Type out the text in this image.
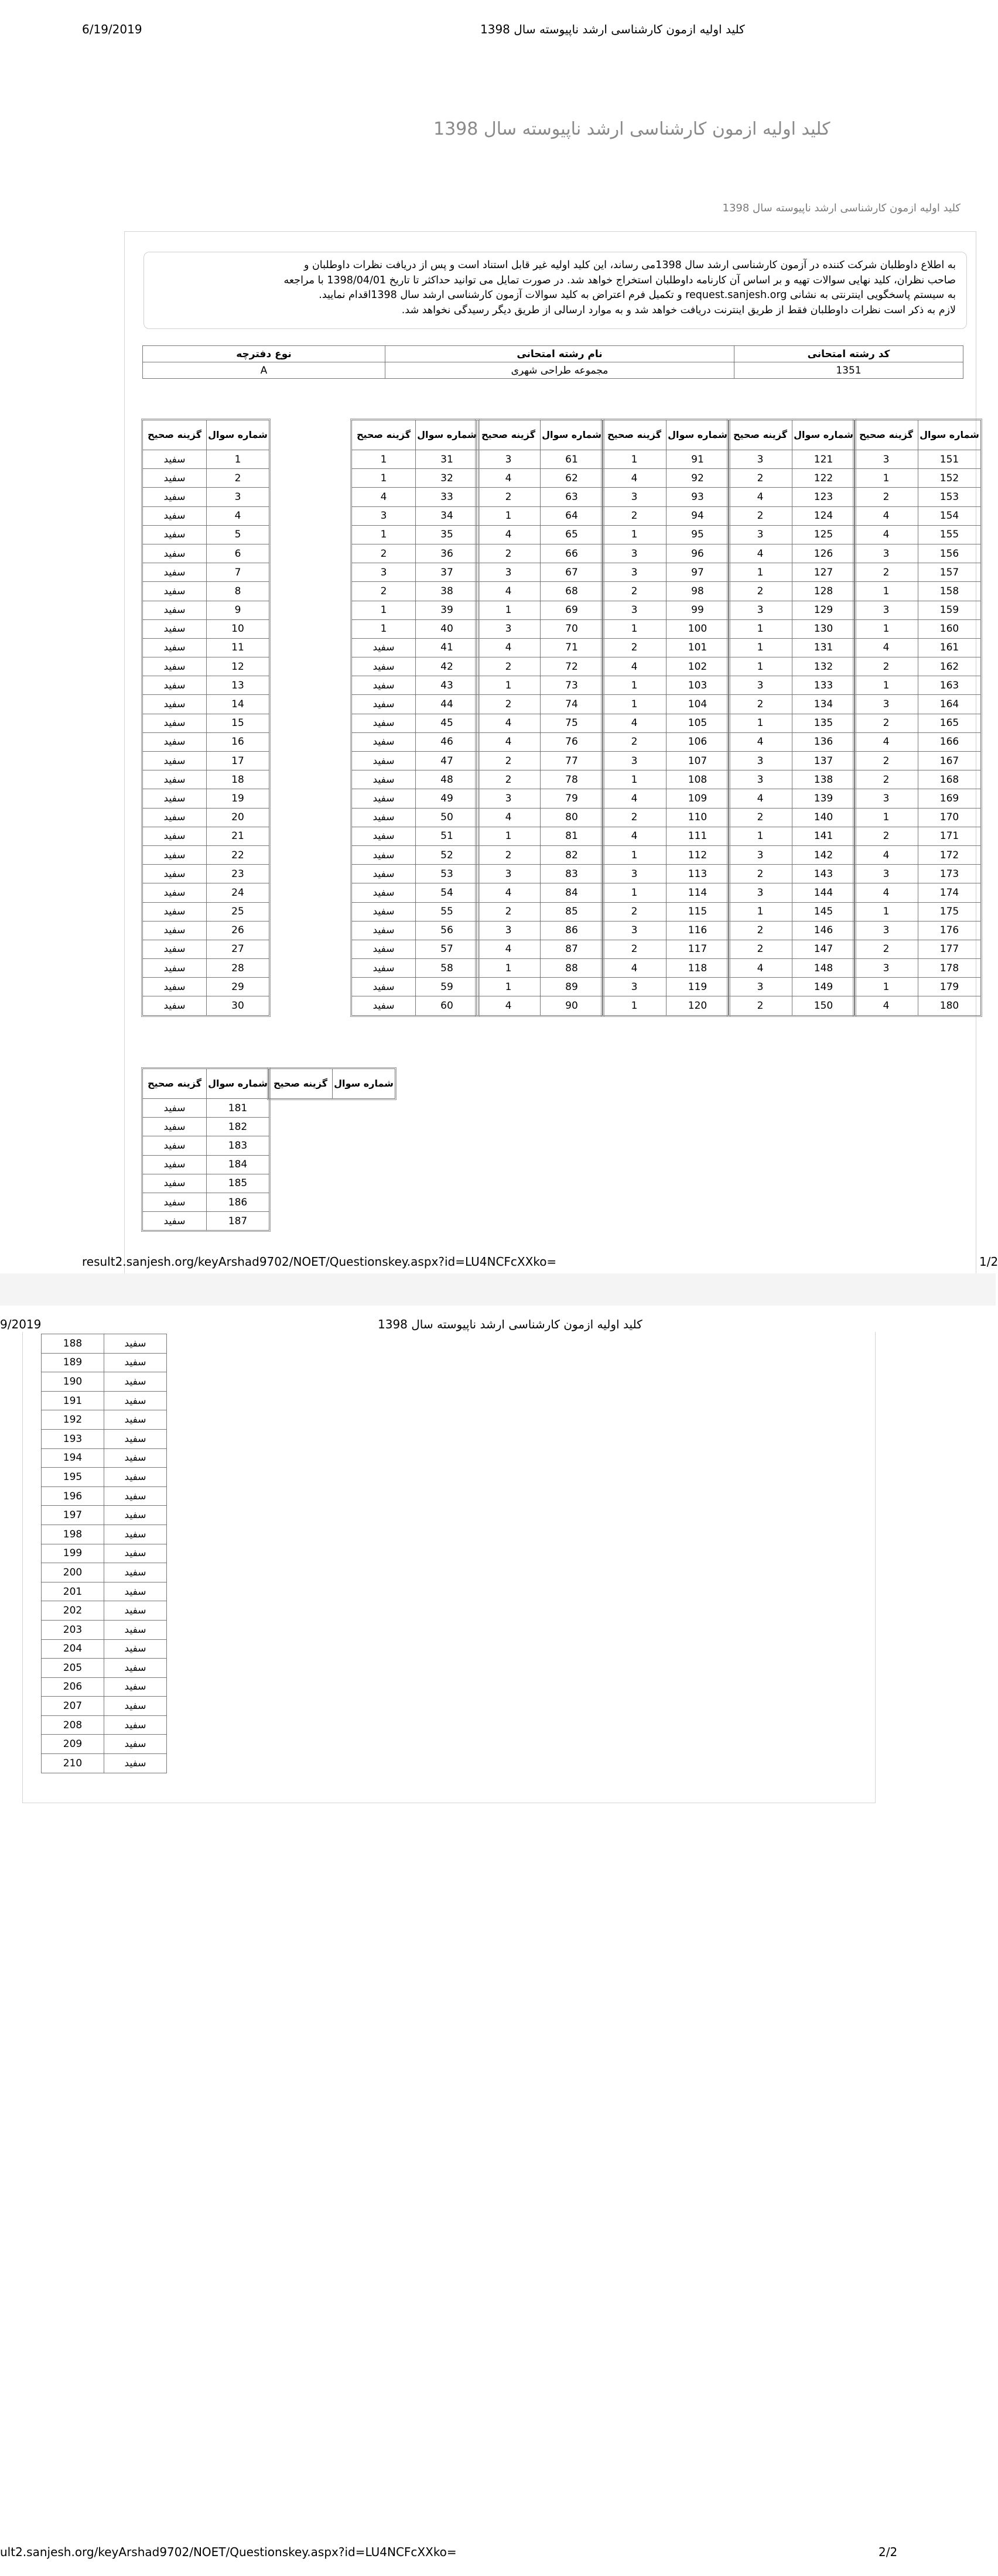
6/19/2019	کلید اولیه ازمون کارشناسی ارشد ناپیوسته سال 1398
کلید اولیه ازمون کارشناسی ارشد ناپیوسته سال 1398
کلید اولیه ازمون کارشناسی ارشد ناپیوسته سال 1398
به اطلاع داوطلبان شرکت کننده در آزمون کارشناسی ارشد سال 1398می رساند، این کلید اولیه غیر قابل استناد است و پس از دریافت نظرات داوطلبان و
صاحب نظران، کلید نهایی سوالات تهیه و بر اساس آن کارنامه داوطلبان استخراج خواهد شد. در صورت تمایل می توانید حداکثر تا تاریخ 1398/04/01 با مراجعه
به سیستم پاسخگویی اینترنتی به نشانی request.sanjesh.org و تکمیل فرم اعتراض به کلید سوالات آزمون کارشناسی ارشد سال 1398اقدام نمایید.
لازم به ذکر است نظرات داوطلبان فقط از طریق اینترنت دریافت خواهد شد و به موارد ارسالی از طریق دیگر رسیدگی نخواهد شد.
کد رشته امتحانی	نام رشته امتحانی	نوع دفترچه
1351	مجموعه طراحی شهری	A
شماره سوال	گزینه صحیح
151	3
152	1
153	2
154	4
155	4
156	3
157	2
158	1
159	3
160	1
161	4
162	2
163	1
164	3
165	2
166	4
167	2
168	2
169	3
170	1
171	2
172	4
173	3
174	4
175	1
176	3
177	2
178	3
179	1
180	4
شماره سوال	گزینه صحیح
121	3
122	2
123	4
124	2
125	3
126	4
127	1
128	2
129	3
130	1
131	1
132	1
133	3
134	2
135	1
136	4
137	3
138	3
139	4
140	2
141	1
142	3
143	2
144	3
145	1
146	2
147	2
148	4
149	3
150	2
شماره سوال	گزینه صحیح
91	1
92	4
93	3
94	2
95	1
96	3
97	3
98	2
99	3
100	1
101	2
102	4
103	1
104	1
105	4
106	2
107	3
108	1
109	4
110	2
111	4
112	1
113	3
114	1
115	2
116	3
117	2
118	4
119	3
120	1
شماره سوال	گزینه صحیح
61	3
62	4
63	2
64	1
65	4
66	2
67	3
68	4
69	1
70	3
71	4
72	2
73	1
74	2
75	4
76	4
77	2
78	2
79	3
80	4
81	1
82	2
83	3
84	4
85	2
86	3
87	4
88	1
89	1
90	4
شماره سوال	گزینه صحیح
31	1
32	1
33	4
34	3
35	1
36	2
37	3
38	2
39	1
40	1
41	سفید
42	سفید
43	سفید
44	سفید
45	سفید
46	سفید
47	سفید
48	سفید
49	سفید
50	سفید
51	سفید
52	سفید
53	سفید
54	سفید
55	سفید
56	سفید
57	سفید
58	سفید
59	سفید
60	سفید
شماره سوال	گزینه صحیح
1	سفید
2	سفید
3	سفید
4	سفید
5	سفید
6	سفید
7	سفید
8	سفید
9	سفید
10	سفید
11	سفید
12	سفید
13	سفید
14	سفید
15	سفید
16	سفید
17	سفید
18	سفید
19	سفید
20	سفید
21	سفید
22	سفید
23	سفید
24	سفید
25	سفید
26	سفید
27	سفید
28	سفید
29	سفید
30	سفید
شماره سوال	گزینه صحیح
181	سفید
182	سفید
183	سفید
184	سفید
185	سفید
186	سفید
187	سفید
شماره سوال	گزینه صحیح
result2.sanjesh.org/keyArshad9702/NOET/Questionskey.aspx?id=LU4NCFcXXko=	1/2
9/2019	کلید اولیه ازمون کارشناسی ارشد ناپیوسته سال 1398
188	سفید
189	سفید
190	سفید
191	سفید
192	سفید
193	سفید
194	سفید
195	سفید
196	سفید
197	سفید
198	سفید
199	سفید
200	سفید
201	سفید
202	سفید
203	سفید
204	سفید
205	سفید
206	سفید
207	سفید
208	سفید
209	سفید
210	سفید
ult2.sanjesh.org/keyArshad9702/NOET/Questionskey.aspx?id=LU4NCFcXXko=	2/2
